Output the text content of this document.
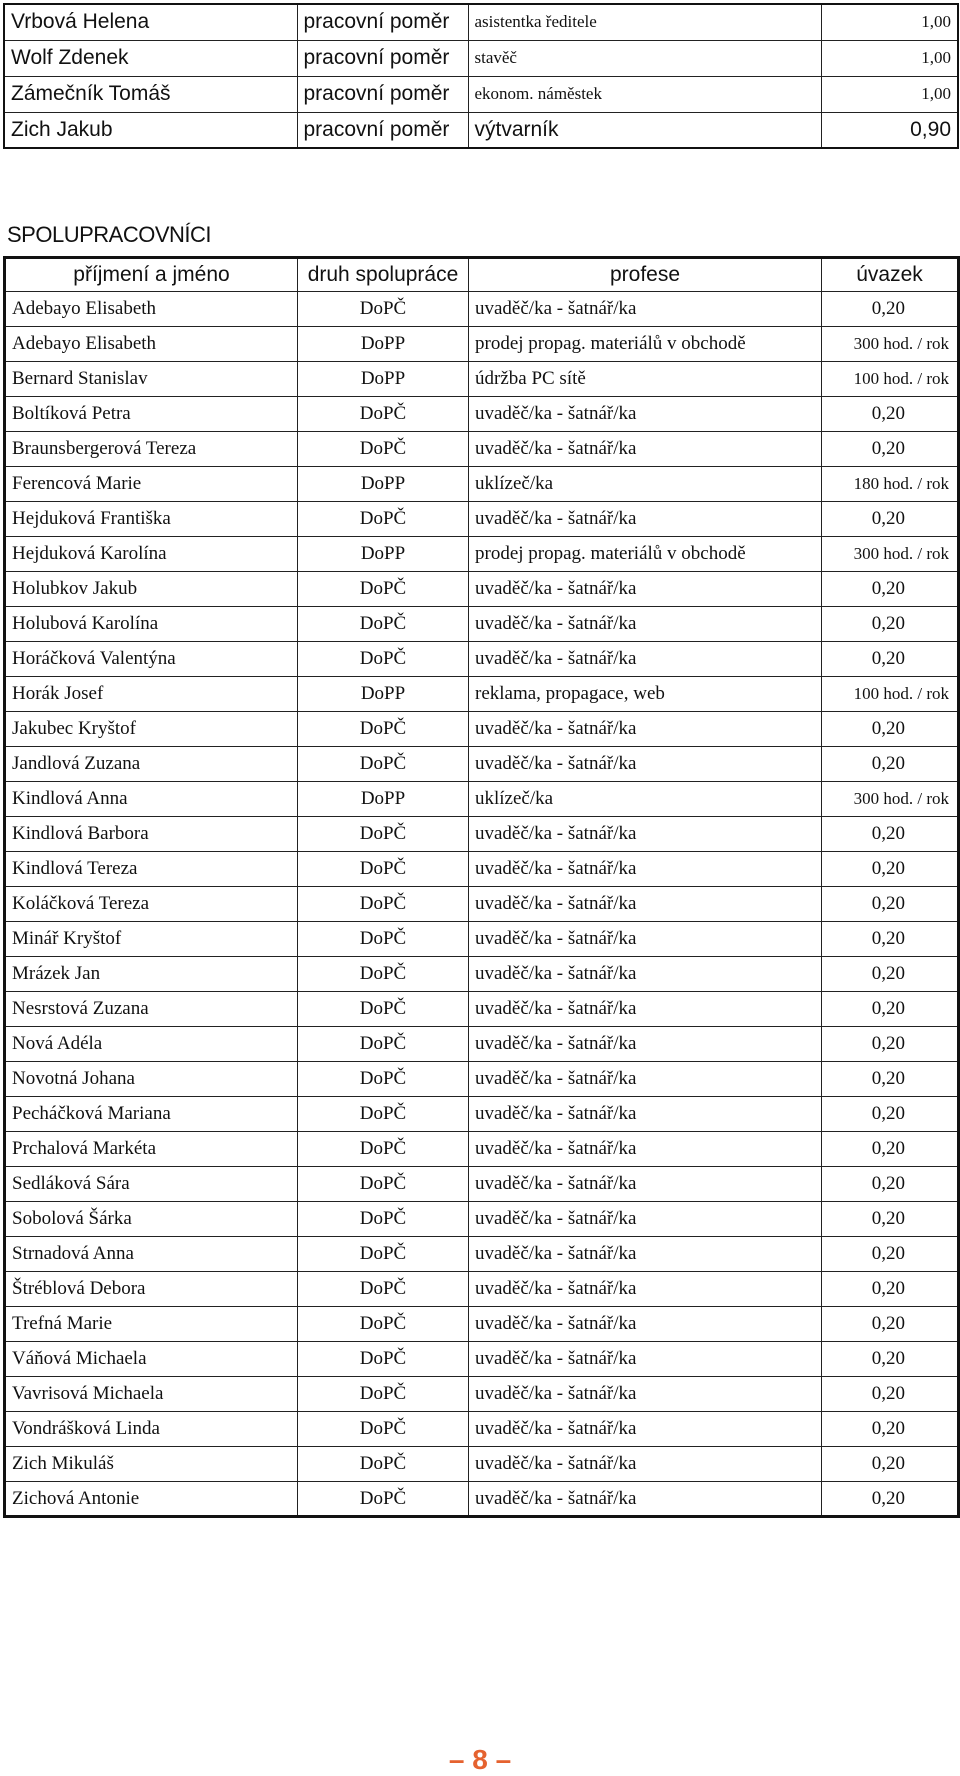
Vrbová Helena	pracovní poměr	asistentka ředitele	1,00
Wolf Zdenek	pracovní poměr	stavěč	1,00
Zámečník Tomáš	pracovní poměr	ekonom. náměstek	1,00
Zich Jakub	pracovní poměr	výtvarník	0,90
SPOLUPRACOVNÍCI
příjmení a jméno	druh spolupráce	profese	úvazek
Adebayo Elisabeth	DoPČ	uvaděč/ka - šatnář/ka	0,20
Adebayo Elisabeth	DoPP	prodej propag. materiálů v obchodě	300 hod. / rok
Bernard Stanislav	DoPP	údržba PC sítě	100 hod. / rok
Boltíková Petra	DoPČ	uvaděč/ka - šatnář/ka	0,20
Braunsbergerová Tereza	DoPČ	uvaděč/ka - šatnář/ka	0,20
Ferencová Marie	DoPP	uklízeč/ka	180 hod. / rok
Hejduková Františka	DoPČ	uvaděč/ka - šatnář/ka	0,20
Hejduková Karolína	DoPP	prodej propag. materiálů v obchodě	300 hod. / rok
Holubkov Jakub	DoPČ	uvaděč/ka - šatnář/ka	0,20
Holubová Karolína	DoPČ	uvaděč/ka - šatnář/ka	0,20
Horáčková Valentýna	DoPČ	uvaděč/ka - šatnář/ka	0,20
Horák Josef	DoPP	reklama, propagace, web	100 hod. / rok
Jakubec Kryštof	DoPČ	uvaděč/ka - šatnář/ka	0,20
Jandlová Zuzana	DoPČ	uvaděč/ka - šatnář/ka	0,20
Kindlová Anna	DoPP	uklízeč/ka	300 hod. / rok
Kindlová Barbora	DoPČ	uvaděč/ka - šatnář/ka	0,20
Kindlová Tereza	DoPČ	uvaděč/ka - šatnář/ka	0,20
Koláčková Tereza	DoPČ	uvaděč/ka - šatnář/ka	0,20
Minář Kryštof	DoPČ	uvaděč/ka - šatnář/ka	0,20
Mrázek Jan	DoPČ	uvaděč/ka - šatnář/ka	0,20
Nesrstová Zuzana	DoPČ	uvaděč/ka - šatnář/ka	0,20
Nová Adéla	DoPČ	uvaděč/ka - šatnář/ka	0,20
Novotná Johana	DoPČ	uvaděč/ka - šatnář/ka	0,20
Pecháčková Mariana	DoPČ	uvaděč/ka - šatnář/ka	0,20
Prchalová Markéta	DoPČ	uvaděč/ka - šatnář/ka	0,20
Sedláková Sára	DoPČ	uvaděč/ka - šatnář/ka	0,20
Sobolová Šárka	DoPČ	uvaděč/ka - šatnář/ka	0,20
Strnadová Anna	DoPČ	uvaděč/ka - šatnář/ka	0,20
Štréblová Debora	DoPČ	uvaděč/ka - šatnář/ka	0,20
Trefná Marie	DoPČ	uvaděč/ka - šatnář/ka	0,20
Váňová Michaela	DoPČ	uvaděč/ka - šatnář/ka	0,20
Vavrisová Michaela	DoPČ	uvaděč/ka - šatnář/ka	0,20
Vondrášková Linda	DoPČ	uvaděč/ka - šatnář/ka	0,20
Zich Mikuláš	DoPČ	uvaděč/ka - šatnář/ka	0,20
Zichová Antonie	DoPČ	uvaděč/ka - šatnář/ka	0,20
– 8 –
